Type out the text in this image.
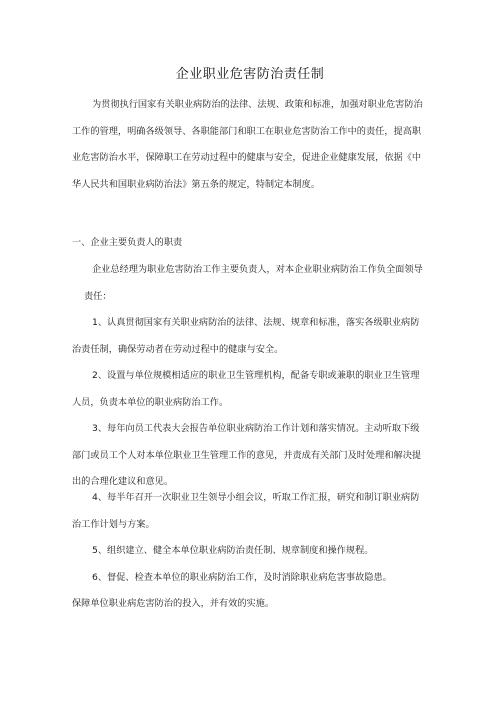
企业职业危害防治责任制
为贯彻执行国家有关职业病防治的法律、法规、政策和标准，加强对职业危害防治
工作的管理，明确各级领导、各职能部门和职工在职业危害防治工作中的责任，提高职
业危害防治水平，保障职工在劳动过程中的健康与安全，促进企业健康发展，依据《中
华人民共和国职业病防治法》第五条的规定，特制定本制度。
一、企业主要负责人的职责
企业总经理为职业危害防治工作主要负责人，对本企业职业病防治工作负全面领导
责任：
1、认真贯彻国家有关职业病防治的法律、法规、规章和标准，落实各级职业病防
治责任制，确保劳动者在劳动过程中的健康与安全。
2、设置与单位规模相适应的职业卫生管理机构，配备专职或兼职的职业卫生管理
人员，负责本单位的职业病防治工作。
3、每年向员工代表大会报告单位职业病防治工作计划和落实情况。主动听取下级
部门或员工个人对本单位职业卫生管理工作的意见，并责成有关部门及时处理和解决提
出的合理化建议和意见。
4、每半年召开一次职业卫生领导小组会议，听取工作汇报，研究和制订职业病防
治工作计划与方案。
5、组织建立、健全本单位职业病防治责任制、规章制度和操作规程。
6、督促、检查本单位的职业病防治工作，及时消除职业病危害事故隐患。
保障单位职业病危害防治的投入，并有效的实施。
